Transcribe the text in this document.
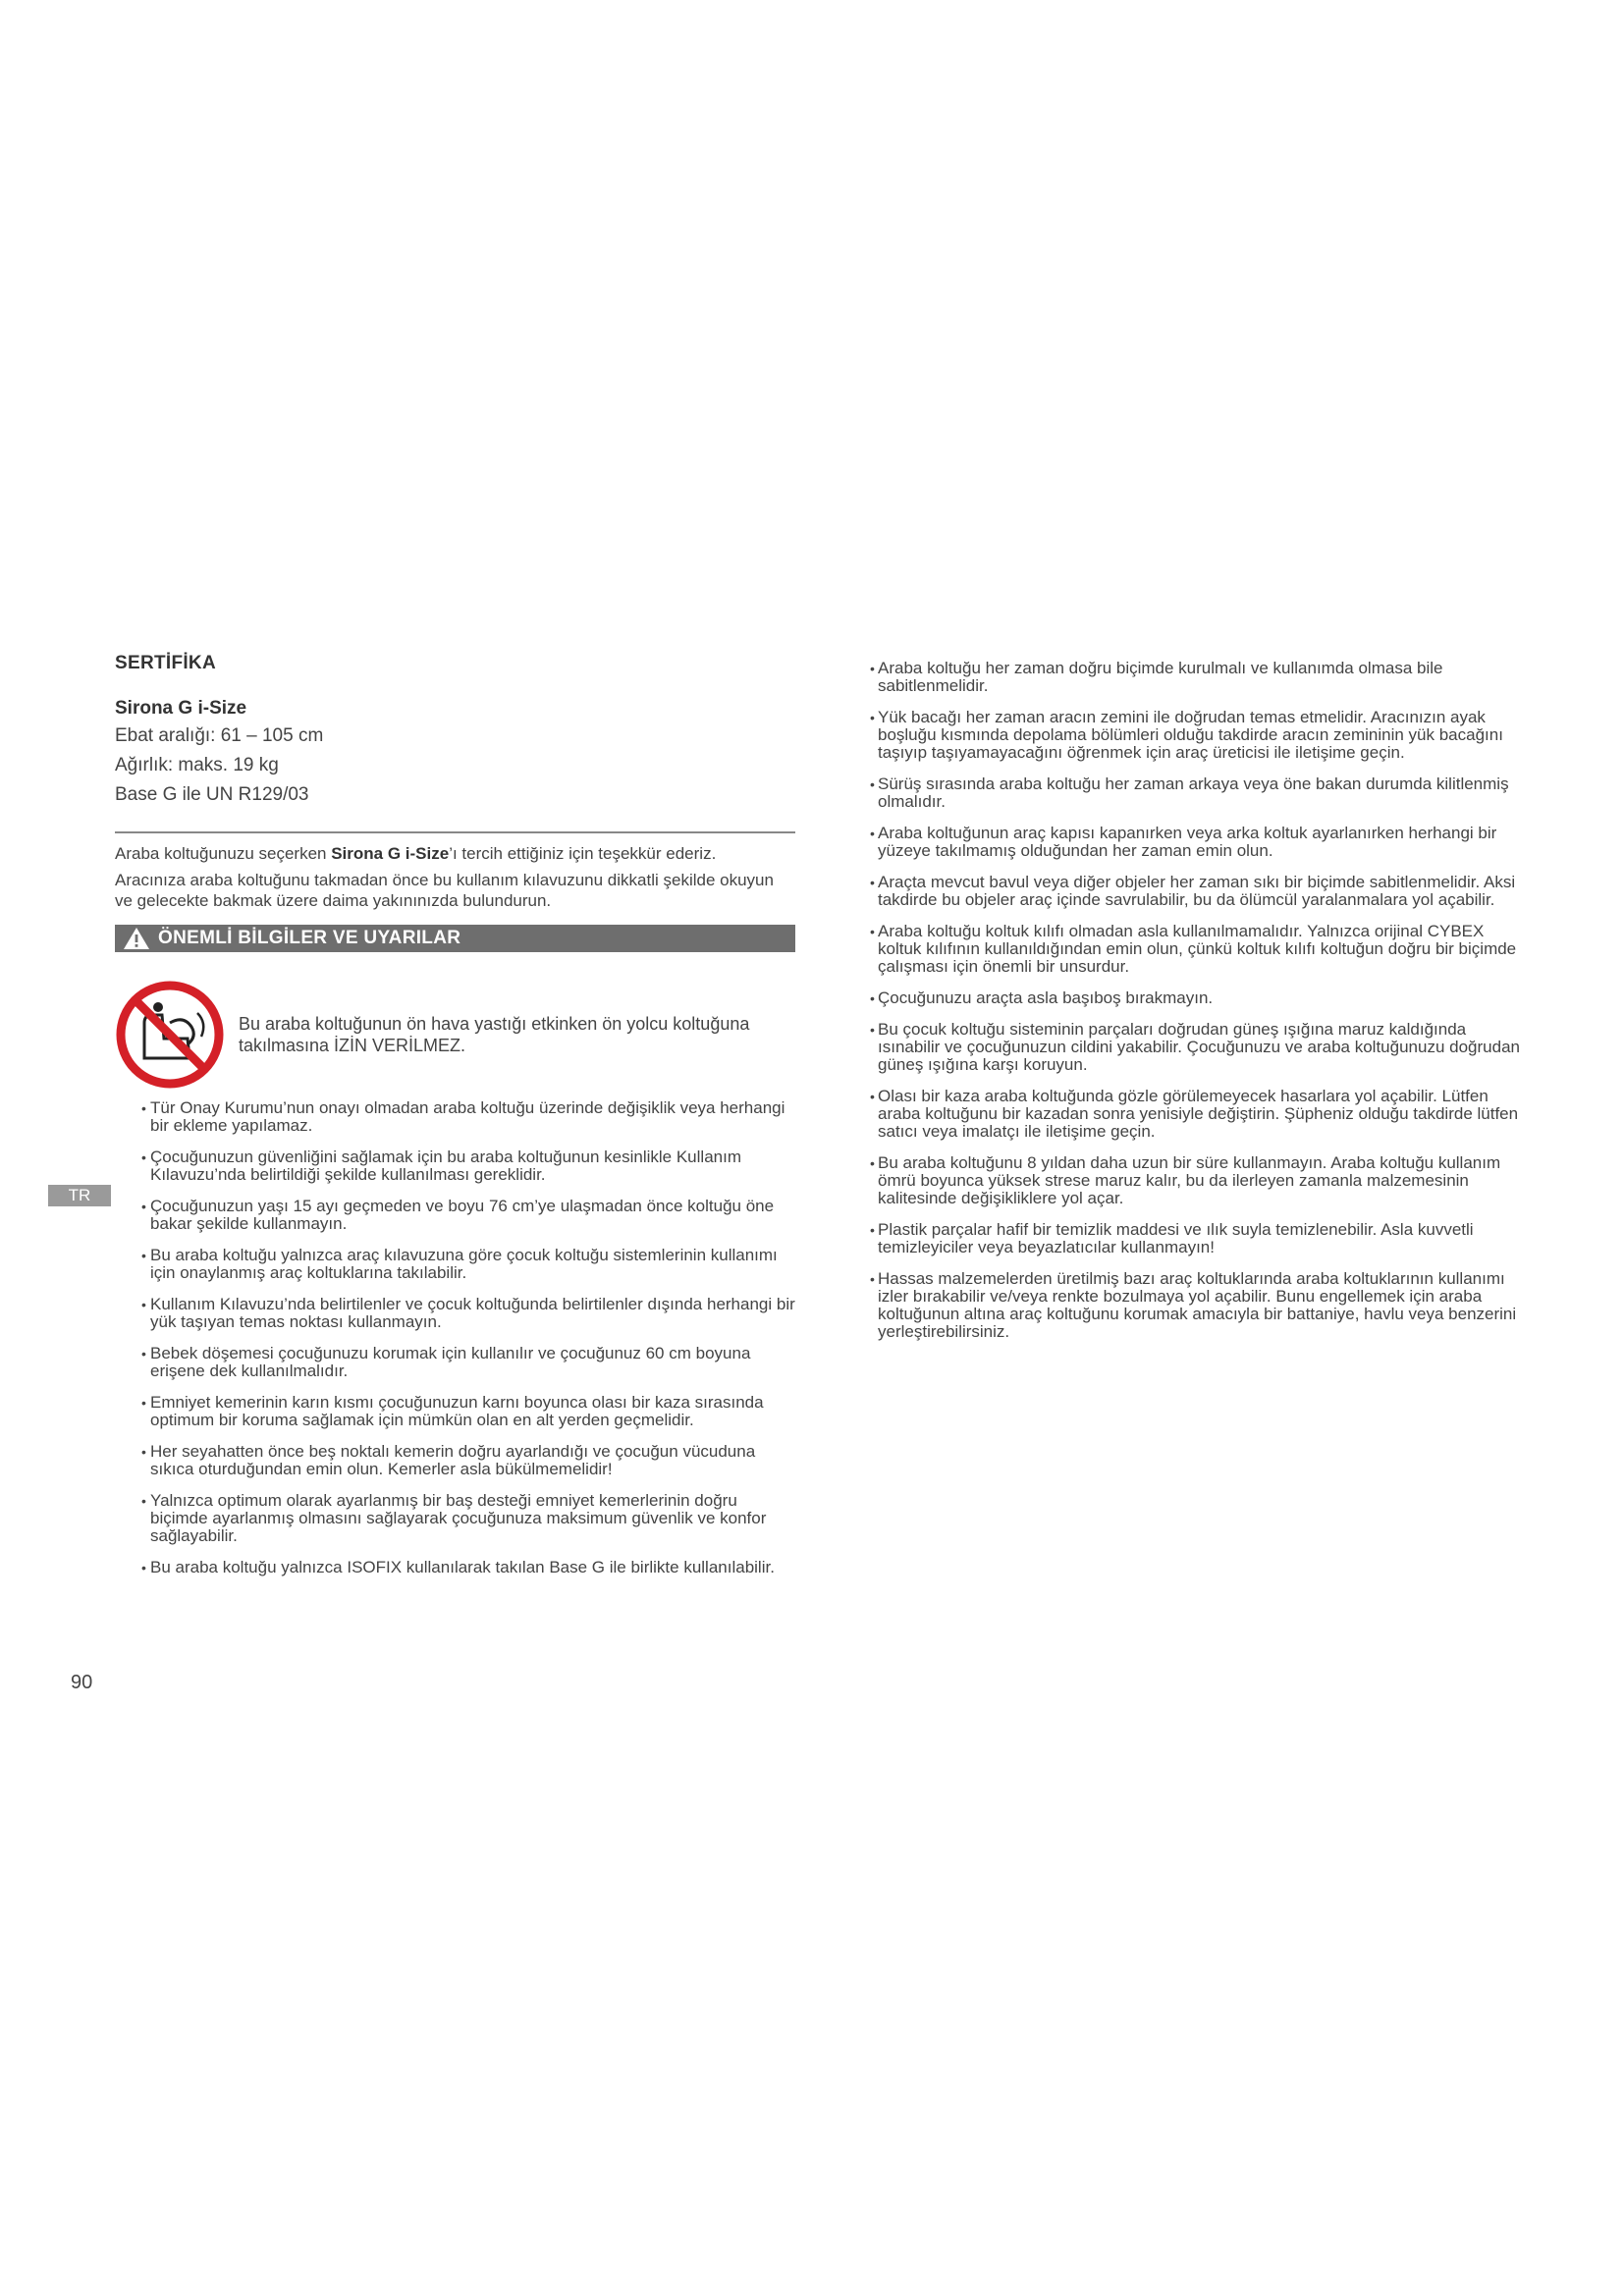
SERTİFİKA
Sirona G i-Size
Ebat aralığı: 61 – 105 cm
Ağırlık: maks. 19 kg
Base G ile UN R129/03

Araba koltuğunuzu seçerken Sirona G i-Size’ı tercih ettiğiniz için teşekkür ederiz.

Aracınıza araba koltuğunu takmadan önce bu kullanım kılavuzunu dikkatli şekilde okuyun ve gelecekte bakmak üzere daima yakınınızda bulundurun.

ÖNEMLİ BİLGİLER VE UYARILAR
Bu araba koltuğunun ön hava yastığı etkinken ön yolcu koltuğuna takılmasına İZİN VERİLMEZ.
• Tür Onay Kurumu’nun onayı olmadan araba koltuğu üzerinde değişiklik veya herhangi bir ekleme yapılamaz.
• Çocuğunuzun güvenliğini sağlamak için bu araba koltuğunun kesinlikle Kullanım Kılavuzu’nda belirtildiği şekilde kullanılması gereklidir.
• Çocuğunuzun yaşı 15 ayı geçmeden ve boyu 76 cm’ye ulaşmadan önce koltuğu öne bakar şekilde kullanmayın.
• Bu araba koltuğu yalnızca araç kılavuzuna göre çocuk koltuğu sistemlerinin kullanımı için onaylanmış araç koltuklarına takılabilir.
• Kullanım Kılavuzu’nda belirtilenler ve çocuk koltuğunda belirtilenler dışında herhangi bir yük taşıyan temas noktası kullanmayın.
• Bebek döşemesi çocuğunuzu korumak için kullanılır ve çocuğunuz 60 cm boyuna erişene dek kullanılmalıdır.
• Emniyet kemerinin karın kısmı çocuğunuzun karnı boyunca olası bir kaza sırasında optimum bir koruma sağlamak için mümkün olan en alt yerden geçmelidir.
• Her seyahatten önce beş noktalı kemerin doğru ayarlandığı ve çocuğun vücuduna sıkıca oturduğundan emin olun. Kemerler asla bükülmemelidir!
• Yalnızca optimum olarak ayarlanmış bir baş desteği emniyet kemerlerinin doğru biçimde ayarlanmış olmasını sağlayarak çocuğunuza maksimum güvenlik ve konfor sağlayabilir.
• Bu araba koltuğu yalnızca ISOFIX kullanılarak takılan Base G ile birlikte kullanılabilir.
• Araba koltuğu her zaman doğru biçimde kurulmalı ve kullanımda olmasa bile sabitlenmelidir.
• Yük bacağı her zaman aracın zemini ile doğrudan temas etmelidir. Aracınızın ayak boşluğu kısmında depolama bölümleri olduğu takdirde aracın zemininin yük bacağını taşıyıp taşıyamayacağını öğrenmek için araç üreticisi ile iletişime geçin.
• Sürüş sırasında araba koltuğu her zaman arkaya veya öne bakan durumda kilitlenmiş olmalıdır.
• Araba koltuğunun araç kapısı kapanırken veya arka koltuk ayarlanırken herhangi bir yüzeye takılmamış olduğundan her zaman emin olun.
• Araçta mevcut bavul veya diğer objeler her zaman sıkı bir biçimde sabitlenmelidir. Aksi takdirde bu objeler araç içinde savrulabilir, bu da ölümcül yaralanmalara yol açabilir.
• Araba koltuğu koltuk kılıfı olmadan asla kullanılmamalıdır. Yalnızca orijinal CYBEX koltuk kılıfının kullanıldığından emin olun, çünkü koltuk kılıfı koltuğun doğru bir biçimde çalışması için önemli bir unsurdur.
• Çocuğunuzu araçta asla başıboş bırakmayın.
• Bu çocuk koltuğu sisteminin parçaları doğrudan güneş ışığına maruz kaldığında ısınabilir ve çocuğunuzun cildini yakabilir. Çocuğunuzu ve araba koltuğunuzu doğrudan güneş ışığına karşı koruyun.
• Olası bir kaza araba koltuğunda gözle görülemeyecek hasarlara yol açabilir. Lütfen araba koltuğunu bir kazadan sonra yenisiyle değiştirin. Şüpheniz olduğu takdirde lütfen satıcı veya imalatçı ile iletişime geçin.
• Bu araba koltuğunu 8 yıldan daha uzun bir süre kullanmayın. Araba koltuğu kullanım ömrü boyunca yüksek strese maruz kalır, bu da ilerleyen zamanla malzemesinin kalitesinde değişikliklere yol açar.
• Plastik parçalar hafif bir temizlik maddesi ve ılık suyla temizlenebilir. Asla kuvvetli temizleyiciler veya beyazlatıcılar kullanmayın!
• Hassas malzemelerden üretilmiş bazı araç koltuklarında araba koltuklarının kullanımı izler bırakabilir ve/veya renkte bozulmaya yol açabilir. Bunu engellemek için araba koltuğunun altına araç koltuğunu korumak amacıyla bir battaniye, havlu veya benzerini yerleştirebilirsiniz.
TR
90
